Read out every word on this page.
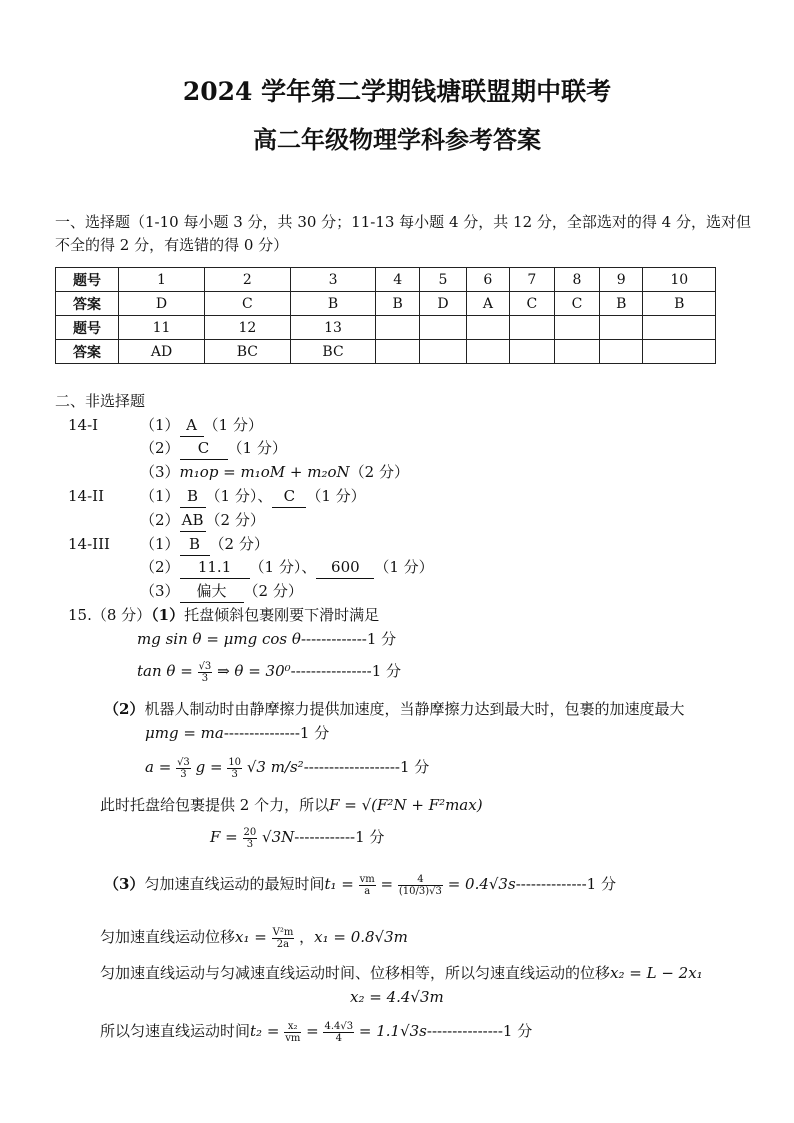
2024 学年第二学期钱塘联盟期中联考
高二年级物理学科参考答案
一、选择题（1-10 每小题 3 分，共 30 分；11-13 每小题 4 分，共 12 分，全部选对的得 4 分，选对但
不全的得 2 分，有选错的得 0 分）
题号	1	2	3	4	5	6	7	8	9	10
答案	D	C	B	B	D	A	C	C	B	B
题号	11	12	13							
答案	AD	BC	BC							
二、非选择题
14-I	（1） A （1 分）
（2） C （1 分）
（3）m₁op = m₁oM + m₂oN（2 分）
14-II （1） B （1 分）、 C （1 分）
（2） AB （2 分）
14-III （1） B （2 分）
（2） 11.1 （1 分）、 600 （1 分）
（3） 偏大 （2 分）
15.（8 分）（1）托盘倾斜包裹刚要下滑时满足
mg sin θ = μmg cos θ-------------1 分
$\tan \theta = \frac{√3}{3}$ ⇒ θ = 30⁰----------------1 分
（2）机器人制动时由静摩擦力提供加速度，当静摩擦力达到最大时，包裹的加速度最大
μmg = ma---------------1 分
$a = \frac{√3}{3}$ $g = \frac{10}{3} √3$ m/s²-------------------1 分
此时托盘给包裹提供 2 个力，所以F = √(F²N + F²max)
$F = \frac{20}{3} √3N------------1$ 分
（3）匀加速直线运动的最短时间$t_1 = \frac{vm}{a} = \frac{4}{(10/3)√3} = 0.4√3s--------------1$ 分
匀加速直线运动位移$x_1 = \frac{\text{V²m}}{2a}$ ，x₁ = 0.8√3m
匀加速直线运动与匀减速直线运动时间、位移相等，所以匀速直线运动的位移x₂ = L − 2x₁
x₂ = 4.4√3m
所以匀速直线运动时间$t_2 = \frac{\text{x₂}}{vm} = \frac{4.4√3}{4} = 1.1√3s---------------1$ 分
